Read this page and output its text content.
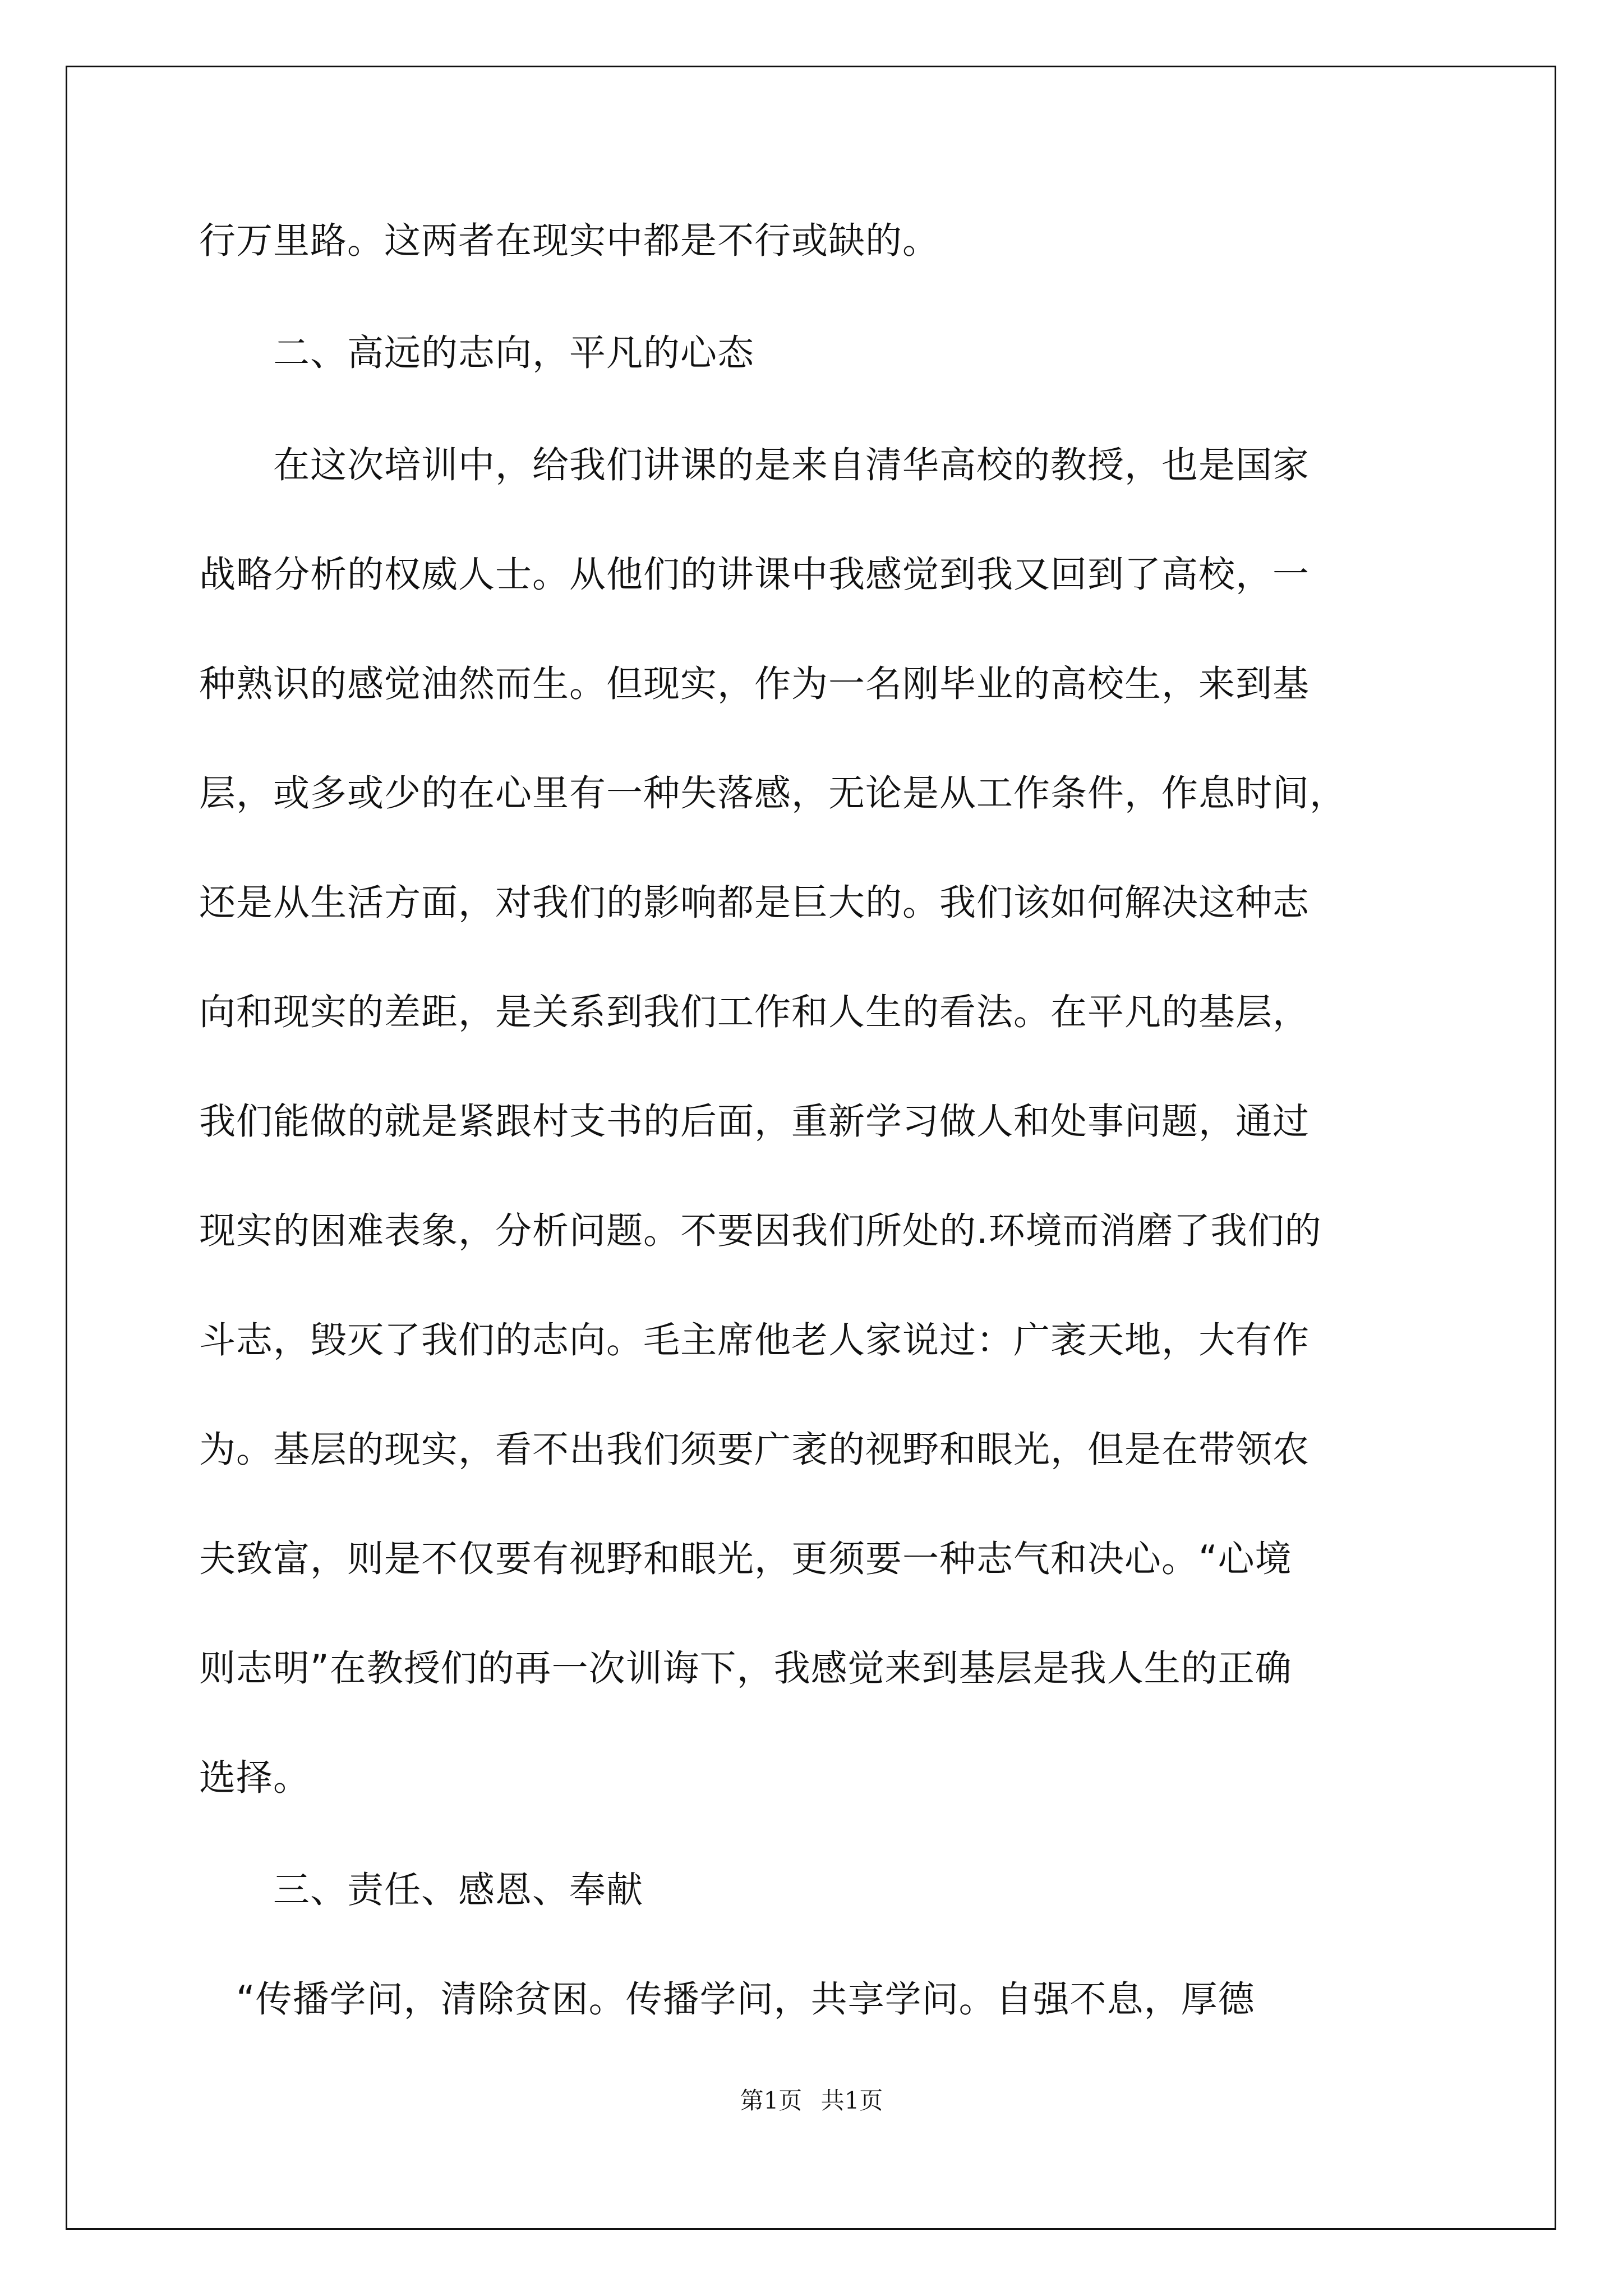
行万里路。这两者在现实中都是不行或缺的。

　　二、高远的志向，平凡的心态

　　在这次培训中，给我们讲课的是来自清华高校的教授，也是国家

战略分析的权威人士。从他们的讲课中我感觉到我又回到了高校，一

种熟识的感觉油然而生。但现实，作为一名刚毕业的高校生，来到基

层，或多或少的在心里有一种失落感，无论是从工作条件，作息时间，

还是从生活方面，对我们的影响都是巨大的。我们该如何解决这种志

向和现实的差距，是关系到我们工作和人生的看法。在平凡的基层，

我们能做的就是紧跟村支书的后面，重新学习做人和处事问题，通过

现实的困难表象，分析问题。不要因我们所处的.环境而消磨了我们的

斗志，毁灭了我们的志向。毛主席他老人家说过：广袤天地，大有作

为。基层的现实，看不出我们须要广袤的视野和眼光，但是在带领农

夫致富，则是不仅要有视野和眼光，更须要一种志气和决心。“心境

则志明”在教授们的再一次训诲下，我感觉来到基层是我人生的正确

选择。

　　三、责任、感恩、奉献

　“传播学问，清除贫困。传播学问，共享学问。自强不息，厚德

第1页 共1页
